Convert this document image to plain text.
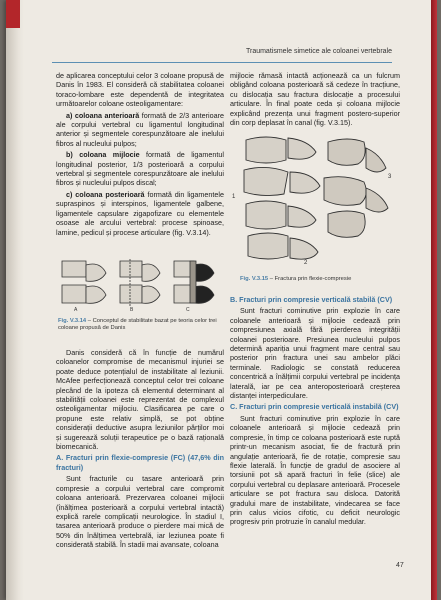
Traumatismele simetice ale coloanei vertebrale

de aplicarea conceptului celor 3 coloane propusă de Danis în 1983. El consideră că stabilitatea coloanei toraco-lombare este dependentă de integritatea următoarelor coloane osteoligamentare:

a) coloana anterioară formată de 2/3 anterioare ale corpului vertebral cu ligamentul longitudinal anterior și segmentele corespunzătoare ale inelului fibros al nucleului pulpos;

b) coloana mijlocie formată de ligamentul longitudinal posterior, 1/3 posterioară a corpului vertebral și segmentele corespunzătoare ale inelului fibros și nucleului pulpos discal;

c) coloana posterioară formată din ligamentele supraspinos și interspinos, ligamentele galbene, ligamentele capsulare zigapofizare cu elementele osoase ale arcului vertebral: procese spinoase, lamine, pedicul și procese articulare (fig. V.3.14).

A	B	C
Fig. V.3.14 – Conceptul de stabilitate bazat pe teoria celor trei coloane propusă de Danis

Danis consideră că în funcție de numărul coloanelor compromise de mecanismul injuriei se poate deduce potențialul de instabilitate al leziunii. McAfee perfecționează conceptul celor trei coloane plecând de la ipoteza că elementul determinant al stabilității coloanei este reprezentat de complexul osteoligamentar mijlociu. Clasificarea pe care o propune este relativ simplă, se pot obține considerații deductive asupra leziunilor părților moi și sugerează soluții terapeutice pe o bază rațională biomecanică.

A. Fracturi prin flexie-compresie (FC) (47,6% din fracturi)

Sunt fracturile cu tasare anterioară prin compresie a corpului vertebral care compromit coloana anterioară. Prezervarea coloanei mijlocii (înălțimea posterioară a corpului vertebral intactă) explică rarele complicații neurologice. În stadiul I, tasarea anterioară produce o pierdere mai mică de 50% din înălțimea vertebrală, iar leziunea poate fi considerată stabilă. În stadii mai avansate, coloana

mijlocie rămasă intactă acționează ca un fulcrum obligând coloana posterioară să cedeze în tracțiune, cu dislocația sau fractura dislocație a procesului articulare. În final poate ceda și coloana mijlocie explicând prezența unui fragment postero-superior din corp deplasat în canal (fig. V.3.15).

1
2
3
Fig. V.3.15 – Fractura prin flexie-compresie

B. Fracturi prin compresie verticală stabilă (CV)

Sunt fracturi cominutive prin explozie în care coloanele anterioară și mijlocie cedează prin compresiunea axială fără pierderea integrității coloanei posterioare. Presiunea nucleului pulpos determină apariția unui fragment mare central sau posterior prin fractura unei sau ambelor plăci terminale. Radiologic se constată reducerea concentrică a înălțimii corpului vertebral pe incidența laterală, iar pe cea anteroposterioară creșterea distanței interpediculare.

C. Fracturi prin compresie verticală instabilă (CV)

Sunt fracturi cominutive prin explozie în care coloanele anterioară și mijlocie cedează prin compresie, în timp ce coloana posterioară este ruptă printr-un mecanism asociat, fie de fractură prin angulație anterioară, fie de rotație, compresie sau flexie laterală. În funcție de gradul de asociere al torsiunii pot să apară fracturi în felie (slice) ale corpului vertebral cu deplasare anterioară. Procesele articulare se pot fractura sau disloca. Datorită gradului mare de instabilitate, vindecarea se face prin calus vicios cifotic, cu deficit neurologic progresiv prin protruzie în canalul medular.

47
